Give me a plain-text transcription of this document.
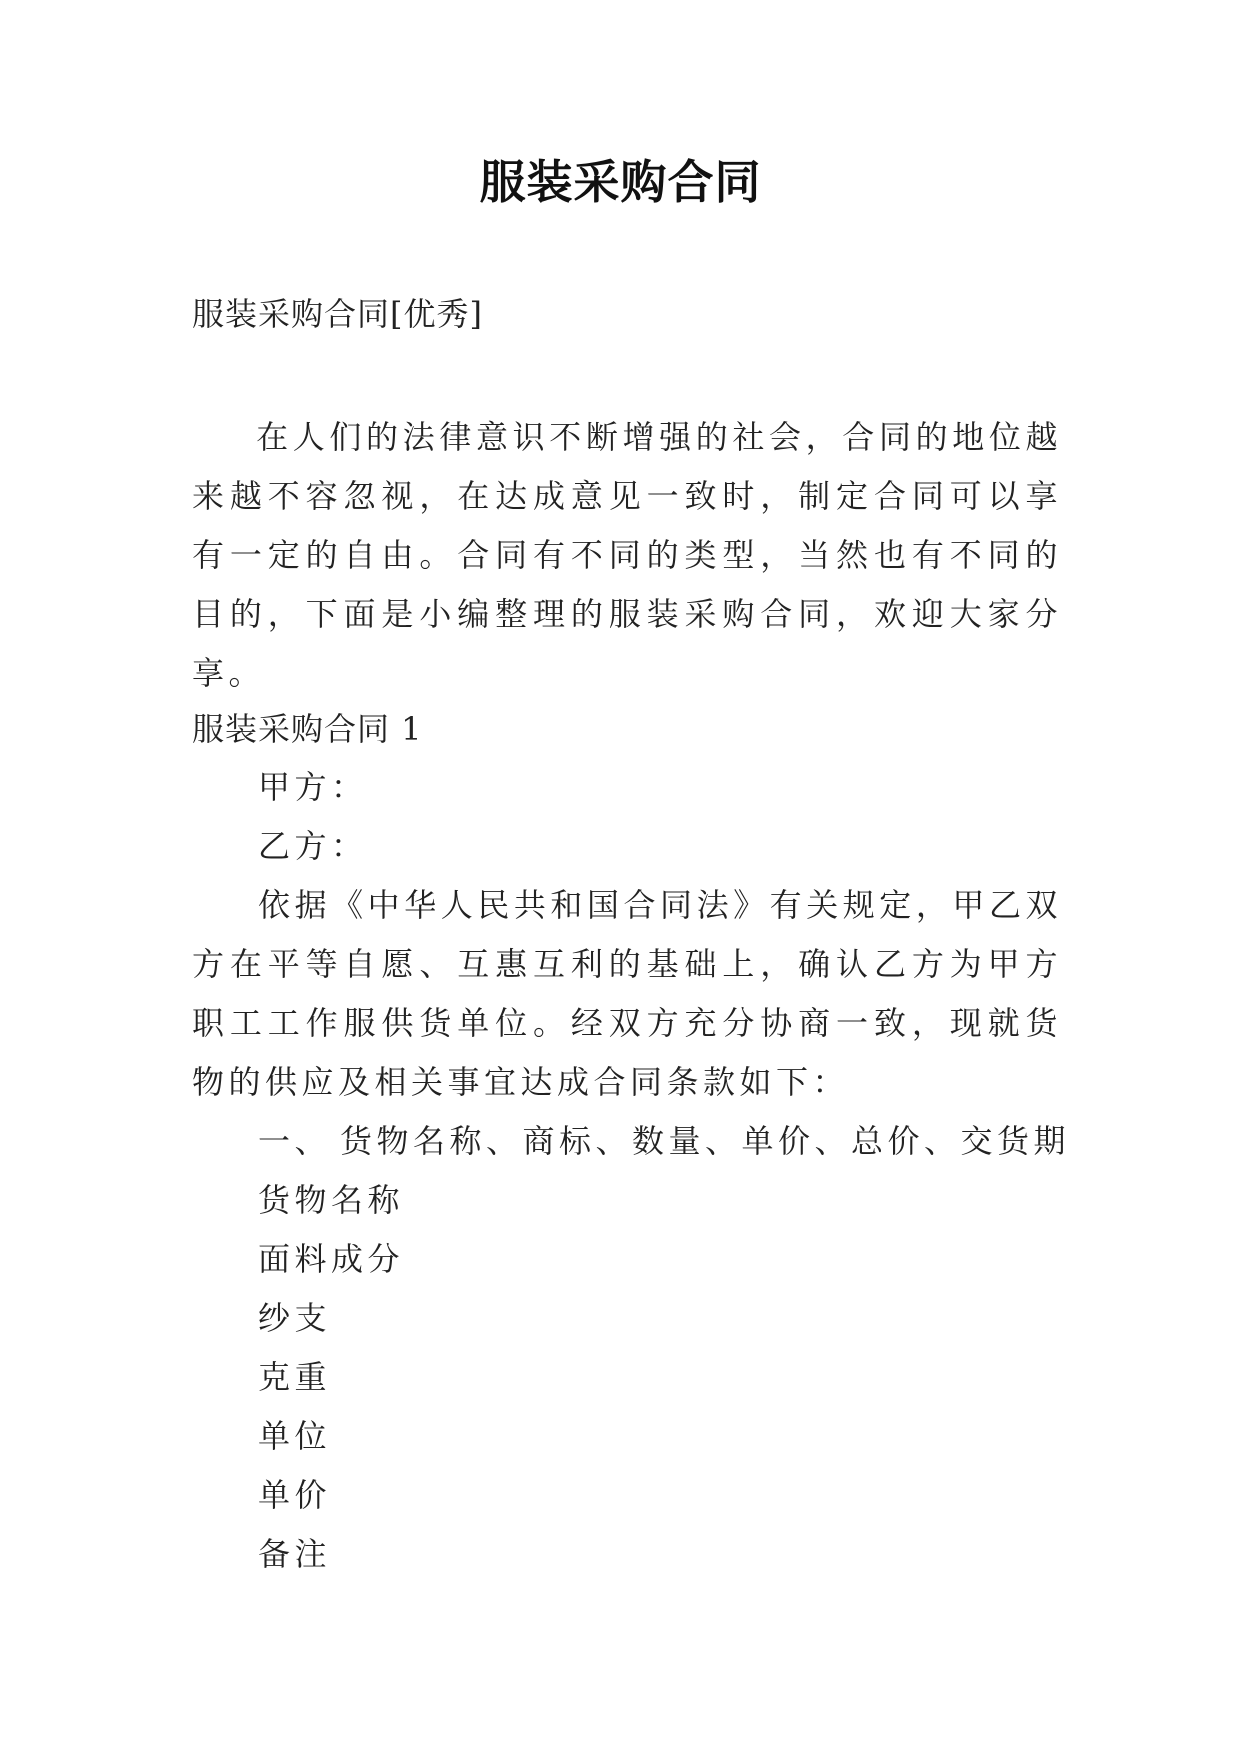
服装采购合同
服装采购合同[优秀]
在人们的法律意识不断增强的社会，合同的地位越来越不容忽视，在达成意见一致时，制定合同可以享有一定的自由。合同有不同的类型，当然也有不同的目的，下面是小编整理的服装采购合同，欢迎大家分享。
服装采购合同 1
甲方：
乙方：
依据《中华人民共和国合同法》有关规定，甲乙双方在平等自愿、互惠互利的基础上，确认乙方为甲方职工工作服供货单位。经双方充分协商一致，现就货物的供应及相关事宜达成合同条款如下：
一、 货物名称、商标、数量、单价、总价、交货期
货物名称
面料成分
纱支
克重
单位
单价
备注
